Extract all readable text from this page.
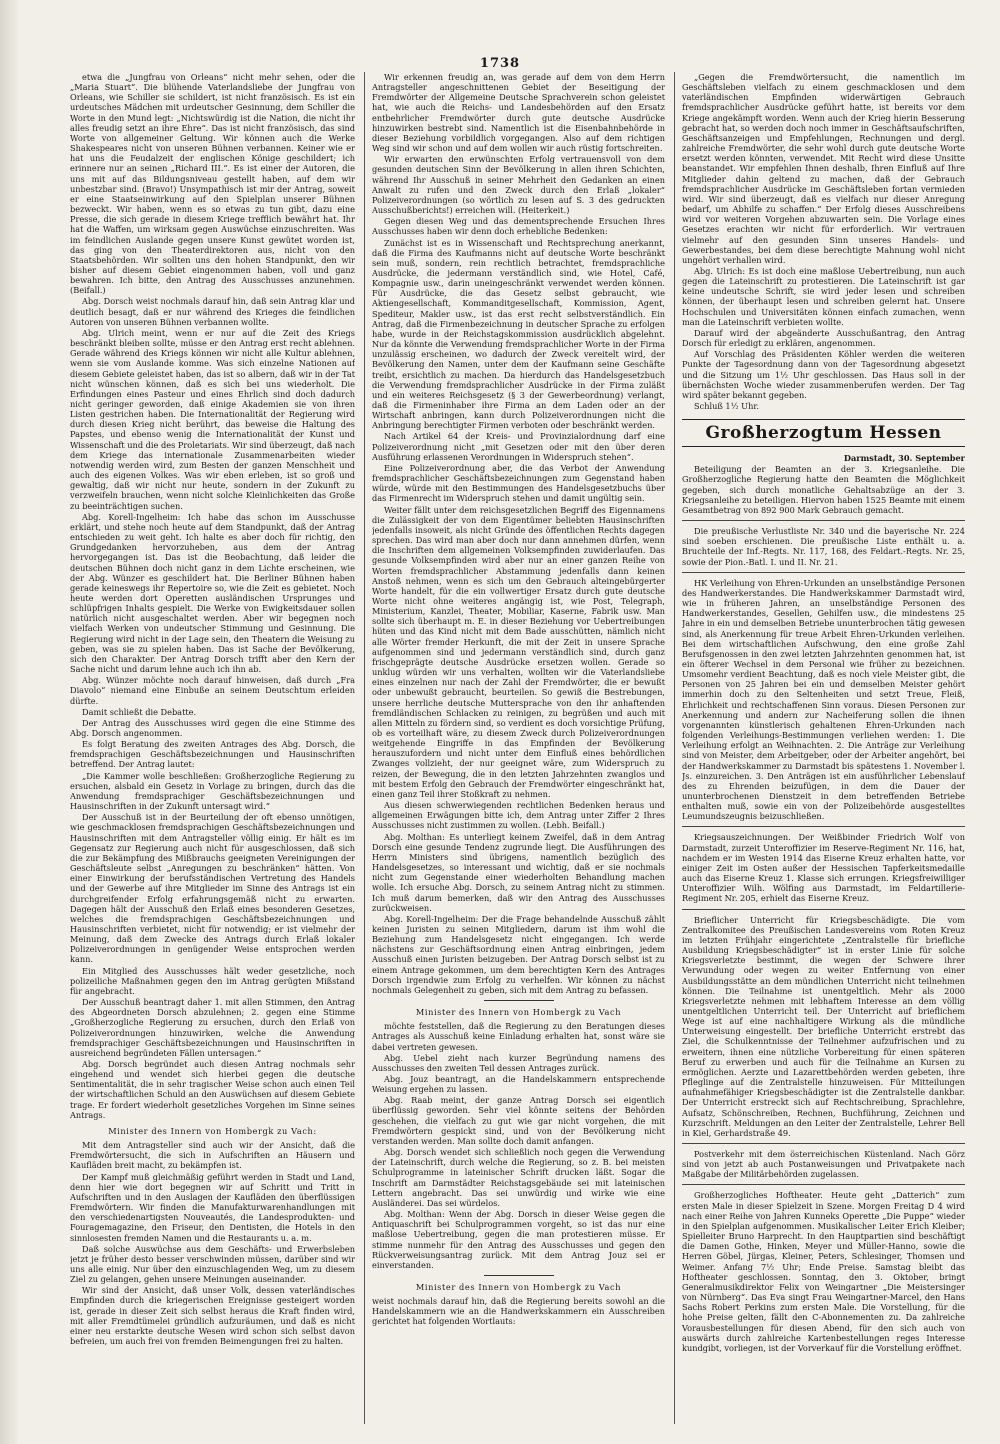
1738

etwa die „Jungfrau von Orleans“ nicht mehr sehen, oder die „Maria Stuart“. Die blühende Vaterlandsliebe der Jungfrau von Orleans, wie Schiller sie schildert, ist nicht französisch. Es ist ein urdeutsches Mädchen mit urdeutscher Gesinnung, dem Schiller die Worte in den Mund legt: „Nichtswürdig ist die Nation, die nicht ihr alles freudig setzt an ihre Ehre“. Das ist nicht französisch, das sind Worte von allgemeiner Geltung. Wir können auch die Werke Shakespeares nicht von unseren Bühnen verbannen. Keiner wie er hat uns die Feudalzeit der englischen Könige geschildert; ich erinnere nur an seinen „Richard III.“. Es ist einer der Autoren, die uns mit auf das Bildungsniveau gestellt haben, auf dem wir unbestzbar sind. (Bravo!) Unsympathisch ist mir der Antrag, soweit er eine Staatseinwirkung auf den Spielplan unserer Bühnen bezweckt. Wir haben, wenn es so etwas zu tun gibt, dazu eine Presse, die sich gerade in diesem Kriege trefflich bewährt hat. Ihr hat die Waffen, um wirksam gegen Auswüchse einzuschreiten. Was im feindlichen Auslande gegen unsere Kunst gewütet worden ist, das ging von den Theaterdirektoren aus, nicht von den Staatsbehörden. Wir sollten uns den hohen Standpunkt, den wir bisher auf diesem Gebiet eingenommen haben, voll und ganz bewahren. Ich bitte, den Antrag des Ausschusses anzunehmen. (Beifall.)

Abg. Dorsch weist nochmals darauf hin, daß sein Antrag klar und deutlich besagt, daß er nur während des Krieges die feindlichen Autoren von unseren Bühnen verbannen wollte.

Abg. Ulrich meint, wenn er nur auf die Zeit des Kriegs beschränkt bleiben sollte, müsse er den Antrag erst recht ablehnen. Gerade während des Kriegs können wir nicht alle Kultur ablehnen, wenn sie vom Auslande komme. Was sich einzelne Nationen auf diesem Gebiete geleistet haben, das ist so albern, daß wir in der Tat nicht wünschen können, daß es sich bei uns wiederholt. Die Erfindungen eines Pasteur und eines Ehrlich sind doch dadurch nicht geringer geworden, daß einige Akademien sie von ihren Listen gestrichen haben. Die Internationalität der Regierung wird durch diesen Krieg nicht berührt, das beweise die Haltung des Papstes, und ebenso wenig die Internationalität der Kunst und Wissenschaft und die des Proletariats. Wir sind überzeugt, daß nach dem Kriege das internationale Zusammenarbeiten wieder notwendig werden wird, zum Besten der ganzen Menschheit und auch des eigenen Volkes. Was wir eben erleben, ist so groß und gewaltig, daß wir nicht nur heute, sondern in der Zukunft zu verzweifeln brauchen, wenn nicht solche Kleinlichkeiten das Große zu beeinträchtigen suchen.

Abg. Korell-Ingelheim: Ich habe das schon im Ausschusse erklärt, und stehe noch heute auf dem Standpunkt, daß der Antrag entschieden zu weit geht. Ich halte es aber doch für richtig, den Grundgedanken hervorzuheben, aus dem der Antrag hervorgegangen ist. Das ist die Beobachtung, daß leider die deutschen Bühnen doch nicht ganz in dem Lichte erscheinen, wie der Abg. Wünzer es geschildert hat. Die Berliner Bühnen haben gerade keineswegs ihr Repertoire so, wie die Zeit es gebietet. Noch heute werden dort Operetten ausländischen Ursprunges und schlüpfrigen Inhalts gespielt. Die Werke von Ewigkeitsdauer sollen natürlich nicht ausgeschaltet werden. Aber wir begegnen noch vielfach Werken von undeutscher Stimmung und Gesinnung. Die Regierung wird nicht in der Lage sein, den Theatern die Weisung zu geben, was sie zu spielen haben. Das ist Sache der Bevölkerung, sich den Charakter. Der Antrag Dorsch trifft aber den Kern der Sache nicht und darum lehne auch ich ihn ab.

Abg. Wünzer möchte noch darauf hinweisen, daß durch „Fra Diavolo“ niemand eine Einbuße an seinem Deutschtum erleiden dürfte.

Damit schließt die Debatte.

Der Antrag des Ausschusses wird gegen die eine Stimme des Abg. Dorsch angenommen.

Es folgt Beratung des zweiten Antrages des Abg. Dorsch, die fremdsprachigen Geschäftsbezeichnungen und Hausinschriften betreffend. Der Antrag lautet:

„Die Kammer wolle beschließen: Großherzogliche Regierung zu ersuchen, alsbald ein Gesetz in Vorlage zu bringen, durch das die Anwendung fremdsprachiger Geschäftsbezeichnungen und Hausinschriften in der Zukunft untersagt wird.“

Der Ausschuß ist in der Beurteilung der oft ebenso unnötigen, wie geschmacklosen fremdsprachigen Geschäftsbezeichnungen und Hausinschriften mit dem Antragsteller völlig einig. Er hält es im Gegensatz zur Regierung auch nicht für ausgeschlossen, daß sich die zur Bekämpfung des Mißbrauchs geeigneten Vereinigungen der Geschäftsleute selbst „Anregungen zu beschränken“ hätten. Von einer Einwirkung der berufsständischen Vertretung des Handels und der Gewerbe auf ihre Mitglieder im Sinne des Antrags ist ein durchgreifender Erfolg erfahrungsgemäß nicht zu erwarten. Dagegen hält der Ausschuß den Erlaß eines besonderen Gesetzes, welches die fremdsprachigen Geschäftsbezeichnungen und Hausinschriften verbietet, nicht für notwendig; er ist vielmehr der Meinung, daß dem Zwecke des Antrags durch Erlaß lokaler Polizeiverordnungen in genügender Weise entsprochen werden kann.

Ein Mitglied des Ausschusses hält weder gesetzliche, noch polizeiliche Maßnahmen gegen den im Antrag gerügten Mißstand für angebracht.

Der Ausschuß beantragt daher 1. mit allen Stimmen, den Antrag des Abgeordneten Dorsch abzulehnen; 2. gegen eine Stimme „Großherzogliche Regierung zu ersuchen, durch den Erlaß von Polizeiverordnungen hinzuwirken, welche die Anwendung fremdsprachiger Geschäftsbezeichnungen und Hausinschriften in ausreichend begründeten Fällen untersagen.“

Abg. Dorsch begründet auch diesen Antrag nochmals sehr eingehend und wendet sich hierbei gegen die deutsche Sentimentalität, die in sehr tragischer Weise schon auch einen Teil der wirtschaftlichen Schuld an den Auswüchsen auf diesem Gebiete trage. Er fordert wiederholt gesetzliches Vorgehen im Sinne seines Antrags.

Minister des Innern von Hombergk zu Vach:

Mit dem Antragsteller sind auch wir der Ansicht, daß die Fremdwörtersucht, die sich in Aufschriften an Häusern und Kaufläden breit macht, zu bekämpfen ist.

Der Kampf muß gleichmäßig geführt werden in Stadt und Land, denn hier wie dort begegnen wir auf Schritt und Tritt in Aufschriften und in den Auslagen der Kaufläden den überflüssigen Fremdwörtern. Wir finden die Manufakturwarenhandlungen mit den verschiedenartigsten Nouveautés, die Landesprodukten- und Fouragemagazine, den Friseur, den Dentisten, die Hotels in den sinnlosesten fremden Namen und die Restaurants u. a. m.

Daß solche Auswüchse aus dem Geschäfts- und Erwerbsleben jetzt je früher desto besser verschwinden müssen, darüber sind wir uns alle einig. Nur über den einzuschlagenden Weg, um zu diesem Ziel zu gelangen, gehen unsere Meinungen auseinander.

Wir sind der Ansicht, daß unser Volk, dessen vaterländisches Empfinden durch die kriegerischen Ereignisse gesteigert worden ist, gerade in dieser Zeit sich selbst heraus die Kraft finden wird, mit aller Fremdtümelei gründlich aufzuräumen, und daß es nicht einer neu erstarkte deutsche Wesen wird schon sich selbst davon befreien, um auch frei von fremden Beimengungen frei zu halten.

Wir erkennen freudig an, was gerade auf dem von dem Herrn Antragsteller angeschnittenen Gebiet der Beseitigung der Fremdwörter der Allgemeine Deutsche Sprachverein schon geleistet hat, wie auch die Reichs- und Landesbehörden auf den Ersatz entbehrlicher Fremdwörter durch gute deutsche Ausdrücke hinzuwirken bestrebt sind. Namentlich ist die Eisenbahnbehörde in dieser Beziehung vorbildlich vorgegangen. Also auf dem richtigen Weg sind wir schon und auf dem wollen wir auch rüstig fortschreiten.

Wir erwarten den erwünschten Erfolg vertrauensvoll von dem gesunden deutschen Sinn der Bevölkerung in allen ihren Schichten, während Ihr Ausschuß in seiner Mehrheit den Gedanken an einen Anwalt zu rufen und den Zweck durch den Erlaß „lokaler“ Polizeiverordnungen (so wörtlich zu lesen auf S. 3 des gedruckten Ausschußberichts!) erreichen will. (Heiterkeit.)

Gegen diesen Weg und das dementsprechende Ersuchen Ihres Ausschusses haben wir denn doch erhebliche Bedenken:

Zunächst ist es in Wissenschaft und Rechtsprechung anerkannt, daß die Firma des Kaufmanns nicht auf deutsche Worte beschränkt sein muß, sondern, rein rechtlich betrachtet, fremdsprachliche Ausdrücke, die jedermann verständlich sind, wie Hotel, Café, Kompagnie usw., darin uneingeschränkt verwendet werden können. Für Ausdrücke, die das Gesetz selbst gebraucht, wie Aktiengesellschaft, Kommanditgesellschaft, Kommission, Agent, Spediteur, Makler usw., ist das erst recht selbstverständlich. Ein Antrag, daß die Firmenbezeichnung in deutscher Sprache zu erfolgen habe, wurde in der Reichstagskommission ausdrücklich abgelehnt. Nur da könnte die Verwendung fremdsprachlicher Worte in der Firma unzulässig erscheinen, wo dadurch der Zweck vereitelt wird, der Bevölkerung den Namen, unter dem der Kaufmann seine Geschäfte treibt, ersichtlich zu machen. Da hierdurch das Handelsgesetzbuch die Verwendung fremdsprachlicher Ausdrücke in der Firma zuläßt und ein weiteres Reichsgesetz (§ 3 der Gewerbeordnung) verlangt, daß die Firmeninhaber ihre Firma an dem Laden oder an der Wirtschaft anbringen, kann durch Polizeiverordnungen nicht die Anbringung berechtigter Firmen verboten oder beschränkt werden.

Nach Artikel 64 der Kreis- und Provinzialordnung darf eine Polizeiverordnung nicht „mit Gesetzen oder mit den über deren Ausführung erlassenen Verordnungen in Widerspruch stehen“.

Eine Polizeiverordnung aber, die das Verbot der Anwendung fremdsprachlicher Geschäftsbezeichnungen zum Gegenstand haben würde, würde mit den Bestimmungen des Handelsgesetzbuchs über das Firmenrecht im Widerspruch stehen und damit ungültig sein.

Weiter fällt unter dem reichsgesetzlichen Begriff des Eigennamens die Zulässigkeit der von dem Eigentümer beliebten Hausinschriften jedenfalls insoweit, als nicht Gründe des öffentlichen Rechts dagegen sprechen. Das wird man aber doch nur dann annehmen dürfen, wenn die Inschriften dem allgemeinen Volksempfinden zuwiderlaufen. Das gesunde Volksempfinden wird aber nur an einer ganzen Reihe von Worten fremdsprachlicher Abstammung jedenfalls dann keinen Anstoß nehmen, wenn es sich um den Gebrauch alteingebürgerter Worte handelt, für die ein vollwertiger Ersatz durch gute deutsche Worte nicht ohne weiteres angängig ist, wie Post, Telegraph, Ministerium, Kanzlei, Theater, Mobiliar, Kaserne, Fabrik usw. Man sollte sich überhaupt m. E. in dieser Beziehung vor Uebertreibungen hüten und das Kind nicht mit dem Bade ausschütten, nämlich nicht alle Wörter fremder Herkunft, die mit der Zeit in unsere Sprache aufgenommen sind und jedermann verständlich sind, durch ganz frischgeprägte deutsche Ausdrücke ersetzen wollen. Gerade so unklug würden wir uns verhalten, wollten wir die Vaterlandsliebe eines einzelnen nur nach der Zahl der Fremdwörter, die er bewußt oder unbewußt gebraucht, beurteilen. So gewiß die Bestrebungen, unsere herrliche deutsche Muttersprache von den ihr anhaftenden fremdländischen Schlacken zu reinigen, zu begrüßen und auch mit allen Mitteln zu fördern sind, so verdient es doch vorsichtige Prüfung, ob es vorteilhaft wäre, zu diesem Zweck durch Polizeiverordnungen weitgehende Eingriffe in das Empfinden der Bevölkerung herauszufordern und nicht unter dem Einfluß eines behördlichen Zwanges vollzieht, der nur geeignet wäre, zum Widerspruch zu reizen, der Bewegung, die in den letzten Jahrzehnten zwanglos und mit bestem Erfolg den Gebrauch der Fremdwörter eingeschränkt hat, einen ganz Teil ihrer Stoßkraft zu nehmen.

Aus diesen schwerwiegenden rechtlichen Bedenken heraus und allgemeinen Erwägungen bitte ich, dem Antrag unter Ziffer 2 Ihres Ausschusses nicht zustimmen zu wollen. (Lebh. Beifall.)

Abg. Molthan: Es unterliegt keinem Zweifel, daß in dem Antrag Dorsch eine gesunde Tendenz zugrunde liegt. Die Ausführungen des Herrn Ministers sind übrigens, namentlich bezüglich des Handelsgesetzes, so interessant und wichtig, daß er sie nochmals nicht zum Gegenstande einer wiederholten Behandlung machen wolle. Ich ersuche Abg. Dorsch, zu seinem Antrag nicht zu stimmen. Ich muß darum bemerken, daß wir den Antrag des Ausschusses zurückweisen.

Abg. Korell-Ingelheim: Der die Frage behandelnde Ausschuß zählt keinen Juristen zu seinen Mitgliedern, darum ist ihm wohl die Beziehung zum Handelsgesetz nicht eingegangen. Ich werde nächstens zur Geschäftsordnung einen Antrag einbringen, jedem Ausschuß einen Juristen beizugeben. Der Antrag Dorsch selbst ist zu einem Antrage gekommen, um dem berechtigten Kern des Antrages Dorsch irgendwie zum Erfolg zu verhelfen. Wir können zu nächst nochmals Gelegenheit zu geben, sich mit dem Antrag zu befassen.

Minister des Innern von Hombergk zu Vach

möchte feststellen, daß die Regierung zu den Beratungen dieses Antrages als Ausschuß keine Einladung erhalten hat, sonst wäre sie dabei vertreten gewesen.

Abg. Uebel zieht nach kurzer Begründung namens des Ausschusses den zweiten Teil dessen Antrages zurück.

Abg. Jouz beantragt, an die Handelskammern entsprechende Weisung ergehen zu lassen.

Abg. Raab meint, der ganze Antrag Dorsch sei eigentlich überflüssig geworden. Sehr viel könnte seitens der Behörden geschehen, die vielfach zu gut wie gar nicht vorgehen, die mit Fremdwörtern gespickt sind, und von der Bevölkerung nicht verstanden werden. Man sollte doch damit anfangen.

Abg. Dorsch wendet sich schließlich noch gegen die Verwendung der Lateinschrift, durch welche die Regierung, so z. B. bei meisten Schulprogramme in lateinischer Schrift drucken läßt. Sogar die Inschrift am Darmstädter Reichstagsgebäude sei mit lateinischen Lettern angebracht. Das sei unwürdig und wirke wie eine Ausländerei. Das sei würdelos.

Abg. Molthan: Wenn der Abg. Dorsch in dieser Weise gegen die Antiquaschrift bei Schulprogrammen vorgeht, so ist das nur eine maßlose Uebertreibung, gegen die man protestieren müsse. Er stimme nunmehr für den Antrag des Ausschusses und gegen den Rückverweisungsantrag zurück. Mit dem Antrag Jouz sei er einverstanden.

Minister des Innern von Hombergk zu Vach

weist nochmals darauf hin, daß die Regierung bereits sowohl an die Handelskammern wie an die Handwerkskammern ein Ausschreiben gerichtet hat folgenden Wortlauts:

„Gegen die Fremdwörtersucht, die namentlich im Geschäftsleben vielfach zu einem geschmacklosen und dem vaterländischen Empfinden widerwärtigen Gebrauch fremdsprachlicher Ausdrücke geführt hatte, ist bereits vor dem Kriege angekämpft worden. Wenn auch der Krieg hierin Besserung gebracht hat, so werden doch noch immer in Geschäftsaufschriften, Geschäftsanzeigen und Empfehlungen, Rechnungen und dergl. zahlreiche Fremdwörter, die sehr wohl durch gute deutsche Worte ersetzt werden könnten, verwendet. Mit Recht wird diese Unsitte beanstandet. Wir empfehlen Ihnen deshalb, Ihren Einfluß auf Ihre Mitglieder dahin geltend zu machen, daß der Gebrauch fremdsprachlicher Ausdrücke im Geschäftsleben fortan vermieden wird. Wir sind überzeugt, daß es vielfach nur dieser Anregung bedarf, um Abhilfe zu schaffen.“ Der Erfolg dieses Ausschreibens wird vor weiteren Vorgehen abzuwarten sein. Die Vorlage eines Gesetzes erachten wir nicht für erforderlich. Wir vertrauen vielmehr auf den gesunden Sinn unseres Handels- und Gewerbestandes, bei dem diese berechtigte Mahnung wohl nicht ungehört verhallen wird.

Abg. Ulrich: Es ist doch eine maßlose Uebertreibung, nun auch gegen die Lateinschrift zu protestieren. Die Lateinschrift ist gar keine undeutsche Schrift, sie wird jeder lesen und schreiben können, der überhaupt lesen und schreiben gelernt hat. Unsere Hochschulen und Universitäten können einfach zumachen, wenn man die Lateinschrift verbieten wollte.

Darauf wird der abgeänderte Ausschußantrag, den Antrag Dorsch für erledigt zu erklären, angenommen.

Auf Vorschlag des Präsidenten Köhler werden die weiteren Punkte der Tagesordnung dann von der Tagesordnung abgesetzt und die Sitzung um 1½ Uhr geschlossen. Das Haus soll in der übernächsten Woche wieder zusammenberufen werden. Der Tag wird später bekannt gegeben.

Schluß 1½ Uhr.

Großherzogtum Hessen

Darmstadt, 30. September

Beteiligung der Beamten an der 3. Kriegsanleihe. Die Großherzogliche Regierung hatte den Beamten die Möglichkeit gegeben, sich durch monatliche Gehaltsabzüge an der 3. Kriegsanleihe zu beteiligen. Hiervon haben 1525 Beamte mit einem Gesamtbetrag von 892 900 Mark Gebrauch gemacht.

Die preußische Verlustliste Nr. 340 und die bayerische Nr. 224 sind soeben erschienen. Die preußische Liste enthält u. a. Bruchteile der Inf.-Regts. Nr. 117, 168, des Feldart.-Regts. Nr. 25, sowie der Pion.-Batl. I. und II. Nr. 21.

HK Verleihung von Ehren-Urkunden an unselbständige Personen des Handwerkerstandes. Die Handwerkskammer Darmstadt wird, wie in früheren Jahren, an unselbständige Personen des Handwerkerstandes, Gesellen, Gehilfen usw., die mindestens 25 Jahre in ein und demselben Betriebe ununterbrochen tätig gewesen sind, als Anerkennung für treue Arbeit Ehren-Urkunden verleihen. Bei dem wirtschaftlichen Aufschwung, den eine große Zahl Berufsgenossen in den zwei letzten Jahrzehnten genommen hat, ist ein öfterer Wechsel in dem Personal wie früher zu bezeichnen. Umsomehr verdient Beachtung, daß es noch viele Meister gibt, die Personen von 25 Jahren bei ein und demselben Meister gehört immerhin doch zu den Seltenheiten und setzt Treue, Fleiß, Ehrlichkeit und rechtschaffenen Sinn voraus. Diesen Personen zur Anerkennung und andern zur Nacheiferung sollen die ihnen vorgenannten künstlerisch gehaltenen Ehren-Urkunden nach folgenden Verleihungs-Bestimmungen verliehen werden: 1. Die Verleihung erfolgt an Weihnachten. 2. Die Anträge zur Verleihung sind von Meister, dem Arbeitgeber, oder der Arbeiter angehört, bei der Handwerkskammer zu Darmstadt bis spätestens 1. November l. Js. einzureichen. 3. Den Anträgen ist ein ausführlicher Lebenslauf des zu Ehrenden beizufügen, in dem die Dauer der ununterbrochenen Dienstzeit in dem betreffenden Betriebe enthalten muß, sowie ein von der Polizeibehörde ausgestelltes Leumundszeugnis beizuschließen.

Kriegsauszeichnungen. Der Weißbinder Friedrich Wolf von Darmstadt, zurzeit Unteroffizier im Reserve-Regiment Nr. 116, hat, nachdem er im Westen 1914 das Eiserne Kreuz erhalten hatte, vor einiger Zeit im Osten außer der Hessischen Tapferkeitsmedaille auch das Eiserne Kreuz 1. Klasse sich errungen. Kriegsfreiwilliger Unteroffizier Wilh. Wölfing aus Darmstadt, im Feldartillerie-Regiment Nr. 205, erhielt das Eiserne Kreuz.

Brieflicher Unterricht für Kriegsbeschädigte. Die vom Zentralkomitee des Preußischen Landesvereins vom Roten Kreuz im letzten Frühjahr eingerichtete „Zentralstelle für briefliche Ausbildung Kriegsbeschädigter“ ist in erster Linie für solche Kriegsverletzte bestimmt, die wegen der Schwere ihrer Verwundung oder wegen zu weiter Entfernung von einer Ausbildungsstätte an dem mündlichen Unterricht nicht teilnehmen können. Die Teilnahme ist unentgeltlich. Mehr als 2000 Kriegsverletzte nehmen mit lebhaftem Interesse an dem völlig unentgeltlichen Unterricht teil. Der Unterricht auf brieflichem Wege ist auf eine nachhaltigere Wirkung als die mündliche Unterweisung eingestellt. Der briefliche Unterricht erstrebt das Ziel, die Schulkenntnisse der Teilnehmer aufzufrischen und zu erweitern, ihnen eine nützliche Vorbereitung für einen späteren Beruf zu erwerben und auch für die Teilnahme an Kursen zu ermöglichen. Aerzte und Lazarettbehörden werden gebeten, ihre Pfleglinge auf die Zentralstelle hinzuweisen. Für Mitteilungen aufnahmefähiger Kriegsbeschädigter ist die Zentralstelle dankbar. Der Unterricht erstreckt sich auf Rechtschreibung, Sprachlehre, Aufsatz, Schönschreiben, Rechnen, Buchführung, Zeichnen und Kurzschrift. Meldungen an den Leiter der Zentralstelle, Lehrer Bell in Kiel, Gerhardstraße 49.

Postverkehr mit dem österreichischen Küstenland. Nach Görz sind von jetzt ab auch Postanweisungen und Privatpakete nach Maßgabe der Militärbehörden zugelassen.

Großherzogliches Hoftheater. Heute geht „Datterich“ zum ersten Male in dieser Spielzeit in Szene. Morgen Freitag D 4 wird nach einer Reihe von Jahren Kunneks Operette „Die Puppe“ wieder in den Spielplan aufgenommen. Musikalischer Leiter Erich Kleiber; Spielleiter Bruno Harprecht. In den Hauptpartien sind beschäftigt die Damen Gothe, Hinken, Meyer und Müller-Hanno, sowie die Herren Göbel, Jürgas, Kleiner, Peters, Schlesinger, Thomsen und Weimer. Anfang 7½ Uhr; Ende Preise. Samstag bleibt das Hoftheater geschlossen. Sonntag, den 3. Oktober, bringt Generalmusikdirektor Felix von Weingartner „Die Meistersinger von Nürnberg“. Das Eva singt Frau Weingartner-Marcel, den Hans Sachs Robert Perkins zum ersten Male. Die Vorstellung, für die hohe Preise gelten, fällt den C-Abonnementen zu. Da zahlreiche Vorausbestellungen für diesen Abend, für den sich auch von auswärts durch zahlreiche Kartenbestellungen reges Interesse kundgibt, vorliegen, ist der Vorverkauf für die Vorstellung eröffnet.
